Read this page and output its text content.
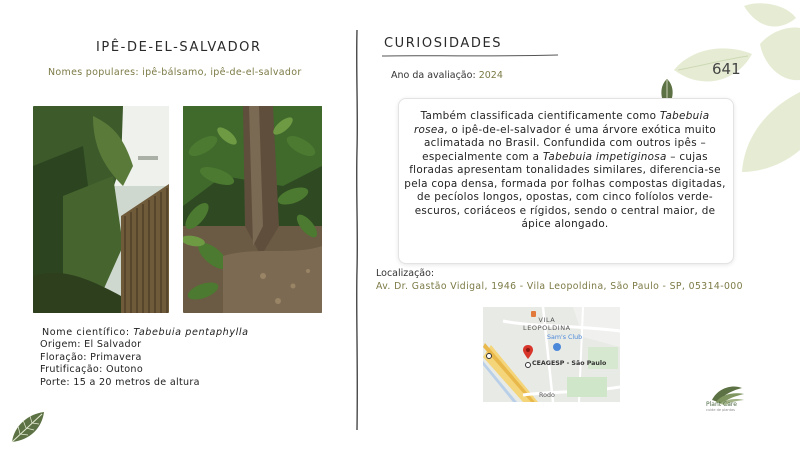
IPÊ-DE-EL-SALVADOR
Nomes populares: ipê-bálsamo, ipê-de-el-salvador
Nome científico: Tabebuia pentaphylla
Origem: El Salvador
Floração: Primavera
Frutificação: Outono
Porte: 15 a 20 metros de altura
CURIOSIDADES
Ano da avaliação: 2024	641
Também classificada cientificamente como Tabebuia rosea, o ipê-de-el-salvador é uma árvore exótica muito aclimatada no Brasil. Confundida com outros ipês – especialmente com a Tabebuia impetiginosa – cujas floradas apresentam tonalidades similares, diferencia-se pela copa densa, formada por folhas compostas digitadas, de pecíolos longos, opostas, com cinco folíolos verde-escuros, coriáceos e rígidos, sendo o central maior, de ápice alongado.
Localização:
Av. Dr. Gastão Vidigal, 1946 - Vila Leopoldina, São Paulo - SP, 05314-000
VILA
LEOPOLDINA
Sam's Club
CEAGESP - São Paulo
Rodo
Plant Care
cuide de plantas
